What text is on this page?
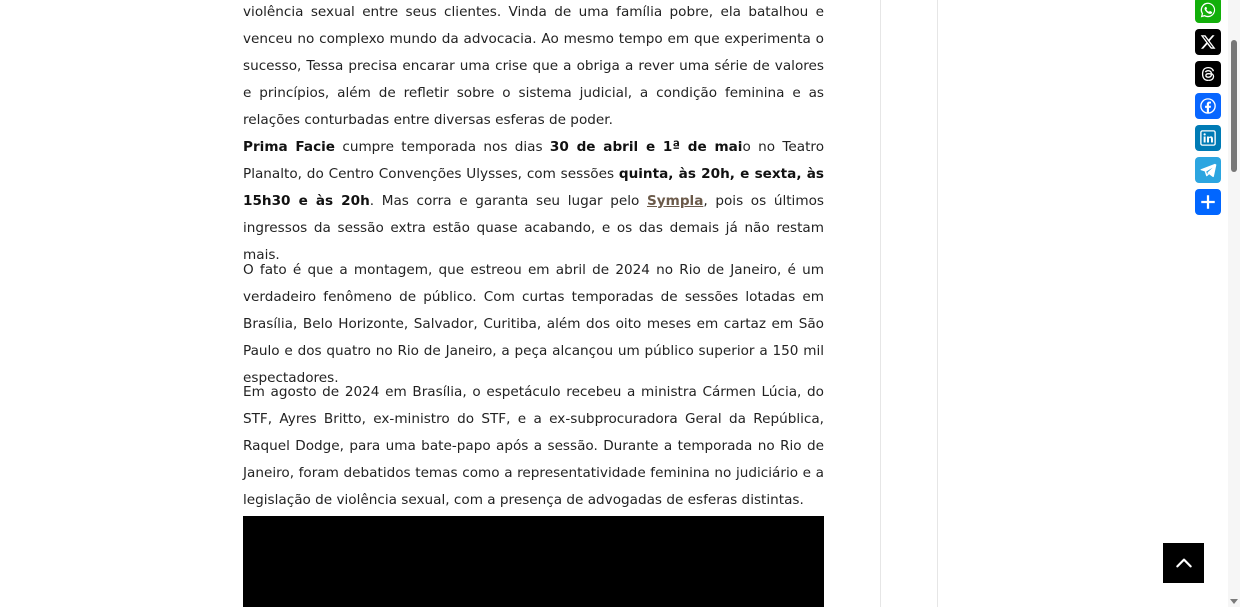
violência sexual entre seus clientes. Vinda de uma família pobre, ela batalhou e venceu no complexo mundo da advocacia. Ao mesmo tempo em que experimenta o sucesso, Tessa precisa encarar uma crise que a obriga a rever uma série de valores e princípios, além de refletir sobre o sistema judicial, a condição feminina e as relações conturbadas entre diversas esferas de poder.

Prima Facie cumpre temporada nos dias 30 de abril e 1ª de maio no Teatro Planalto, do Centro Convenções Ulysses, com sessões quinta, às 20h, e sexta, às 15h30 e às 20h. Mas corra e garanta seu lugar pelo Sympla, pois os últimos ingressos da sessão extra estão quase acabando, e os das demais já não restam mais.

O fato é que a montagem, que estreou em abril de 2024 no Rio de Janeiro, é um verdadeiro fenômeno de público. Com curtas temporadas de sessões lotadas em Brasília, Belo Horizonte, Salvador, Curitiba, além dos oito meses em cartaz em São Paulo e dos quatro no Rio de Janeiro, a peça alcançou um público superior a 150 mil espectadores.

Em agosto de 2024 em Brasília, o espetáculo recebeu a ministra Cármen Lúcia, do STF, Ayres Britto, ex-ministro do STF, e a ex-subprocuradora Geral da República, Raquel Dodge, para uma bate-papo após a sessão. Durante a temporada no Rio de Janeiro, foram debatidos temas como a representatividade feminina no judiciário e a legislação de violência sexual, com a presença de advogadas de esferas distintas.
